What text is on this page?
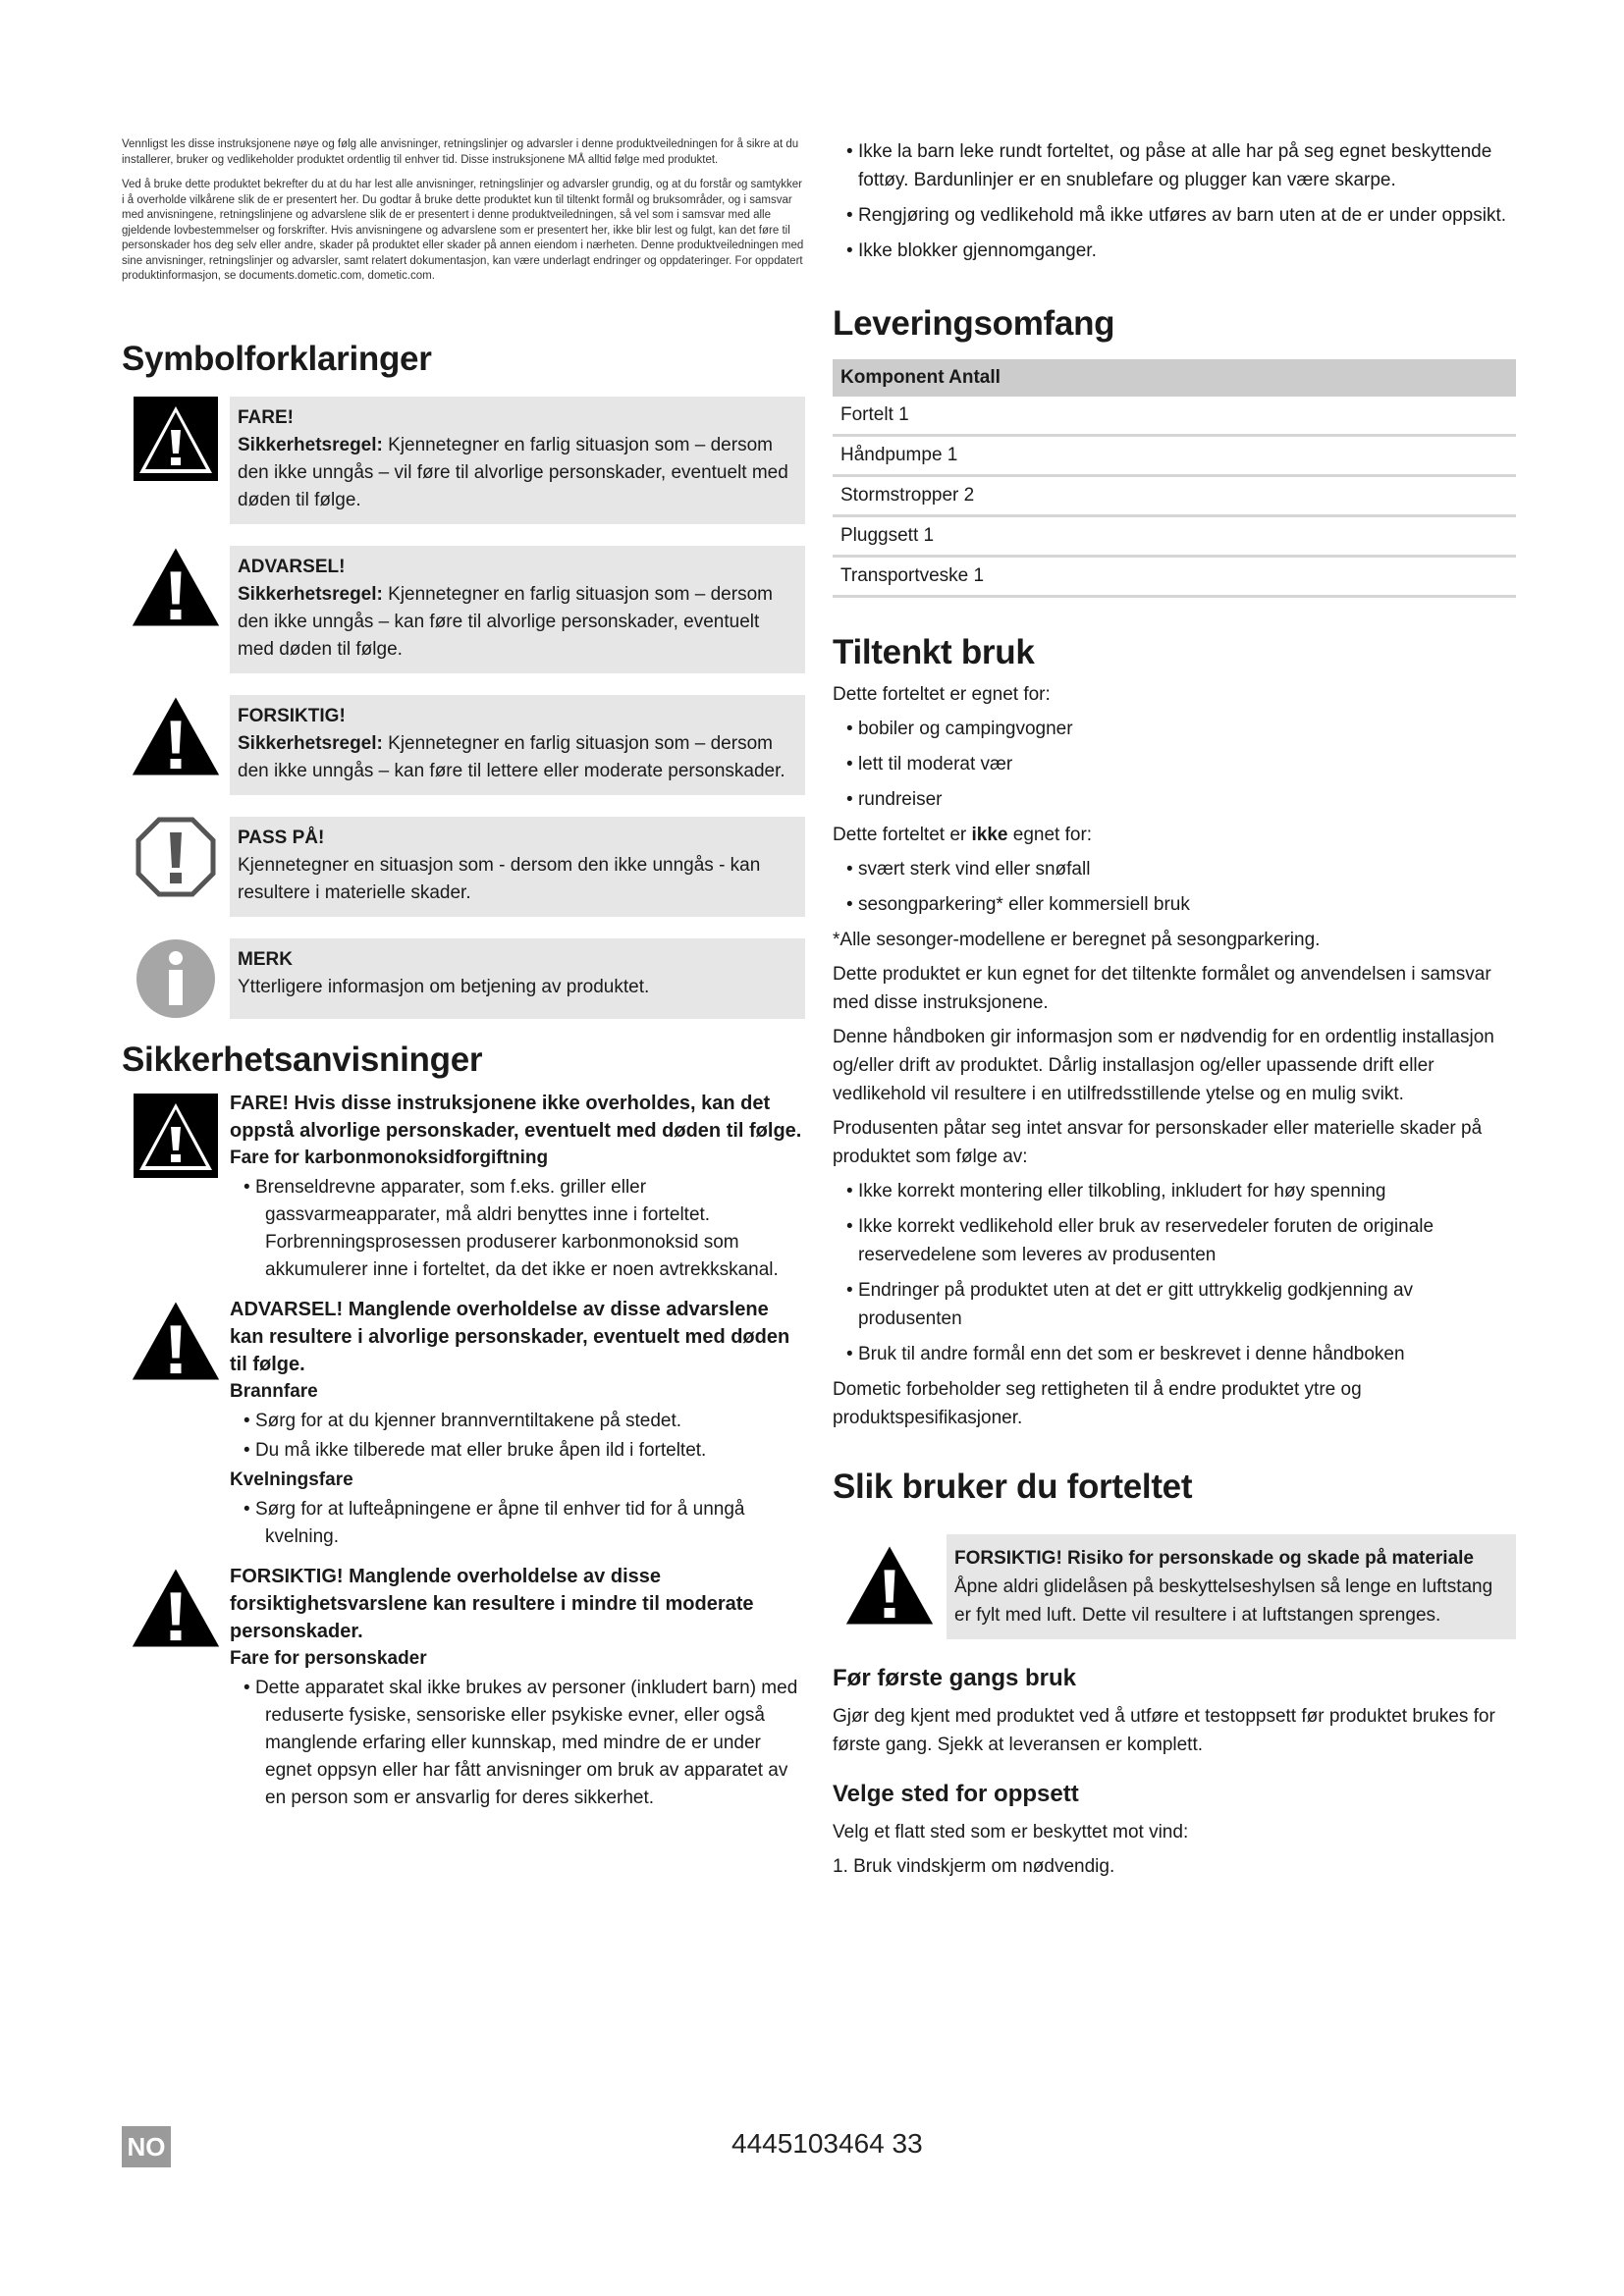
Vennligst les disse instruksjonene nøye og følg alle anvisninger, retningslinjer og advarsler i denne produktveiledningen for å sikre at du installerer, bruker og vedlikeholder produktet ordentlig til enhver tid. Disse instruksjonene MÅ alltid følge med produktet.

Ved å bruke dette produktet bekrefter du at du har lest alle anvisninger, retningslinjer og advarsler grundig, og at du forstår og samtykker i å overholde vilkårene slik de er presentert her. Du godtar å bruke dette produktet kun til tiltenkt formål og bruksområder, og i samsvar med anvisningene, retningslinjene og advarslene slik de er presentert i denne produktveiledningen, så vel som i samsvar med alle gjeldende lovbestemmelser og forskrifter. Hvis anvisningene og advarslene som er presentert her, ikke blir lest og fulgt, kan det føre til personskader hos deg selv eller andre, skader på produktet eller skader på annen eiendom i nærheten. Denne produktveiledningen med sine anvisninger, retningslinjer og advarsler, samt relatert dokumentasjon, kan være underlagt endringer og oppdateringer. For oppdatert produktinformasjon, se documents.dometic.com, dometic.com.

Symbolforklaringer
FARE!
Sikkerhetsregel: Kjennetegner en farlig situasjon som – dersom den ikke unngås – vil føre til alvorlige personskader, eventuelt med døden til følge.
ADVARSEL!
Sikkerhetsregel: Kjennetegner en farlig situasjon som – dersom den ikke unngås – kan føre til alvorlige personskader, eventuelt med døden til følge.
FORSIKTIG!
Sikkerhetsregel: Kjennetegner en farlig situasjon som – dersom den ikke unngås – kan føre til lettere eller moderate personskader.
PASS PÅ!
Kjennetegner en situasjon som - dersom den ikke unngås - kan resultere i materielle skader.
MERK
Ytterligere informasjon om betjening av produktet.
Sikkerhetsanvisninger
FARE! Hvis disse instruksjonene ikke overholdes, kan det oppstå alvorlige personskader, eventuelt med døden til følge.
Fare for karbonmonoksidforgiftning
• Brenseldrevne apparater, som f.eks. griller eller gassvarmeapparater, må aldri benyttes inne i forteltet. Forbrenningsprosessen produserer karbonmonoksid som akkumulerer inne i forteltet, da det ikke er noen avtrekkskanal.
ADVARSEL! Manglende overholdelse av disse advarslene kan resultere i alvorlige personskader, eventuelt med døden til følge.
Brannfare
• Sørg for at du kjenner brannverntiltakene på stedet.
• Du må ikke tilberede mat eller bruke åpen ild i forteltet.
Kvelningsfare
• Sørg for at lufteåpningene er åpne til enhver tid for å unngå kvelning.
FORSIKTIG! Manglende overholdelse av disse forsiktighetsvarslene kan resultere i mindre til moderate personskader.
Fare for personskader
• Dette apparatet skal ikke brukes av personer (inkludert barn) med reduserte fysiske, sensoriske eller psykiske evner, eller også manglende erfaring eller kunnskap, med mindre de er under egnet oppsyn eller har fått anvisninger om bruk av apparatet av en person som er ansvarlig for deres sikkerhet.
• Ikke la barn leke rundt forteltet, og påse at alle har på seg egnet beskyttende fottøy. Bardunlinjer er en snublefare og plugger kan være skarpe.
• Rengjøring og vedlikehold må ikke utføres av barn uten at de er under oppsikt.
• Ikke blokker gjennomganger.
Leveringsomfang
Komponent Antall
Fortelt 1
Håndpumpe 1
Stormstropper 2
Pluggsett 1
Transportveske 1
Tiltenkt bruk

Dette forteltet er egnet for:

• bobiler og campingvogner
• lett til moderat vær
• rundreiser

Dette forteltet er ikke egnet for:

• svært sterk vind eller snøfall
• sesongparkering* eller kommersiell bruk

*Alle sesonger-modellene er beregnet på sesongparkering.

Dette produktet er kun egnet for det tiltenkte formålet og anvendelsen i samsvar med disse instruksjonene.

Denne håndboken gir informasjon som er nødvendig for en ordentlig installasjon og/eller drift av produktet. Dårlig installasjon og/eller upassende drift eller vedlikehold vil resultere i en utilfredsstillende ytelse og en mulig svikt.

Produsenten påtar seg intet ansvar for personskader eller materielle skader på produktet som følge av:

• Ikke korrekt montering eller tilkobling, inkludert for høy spenning
• Ikke korrekt vedlikehold eller bruk av reservedeler foruten de originale reservedelene som leveres av produsenten
• Endringer på produktet uten at det er gitt uttrykkelig godkjenning av produsenten
• Bruk til andre formål enn det som er beskrevet i denne håndboken

Dometic forbeholder seg rettigheten til å endre produktet ytre og produktspesifikasjoner.

Slik bruker du forteltet
FORSIKTIG! Risiko for personskade og skade på materiale
Åpne aldri glidelåsen på beskyttelseshylsen så lenge en luftstang er fylt med luft. Dette vil resultere i at luftstangen sprenges.
Før første gangs bruk

Gjør deg kjent med produktet ved å utføre et testoppsett før produktet brukes for første gang. Sjekk at leveransen er komplett.

Velge sted for oppsett

Velg et flatt sted som er beskyttet mot vind:

1. Bruk vindskjerm om nødvendig.

NO	4445103464 33
